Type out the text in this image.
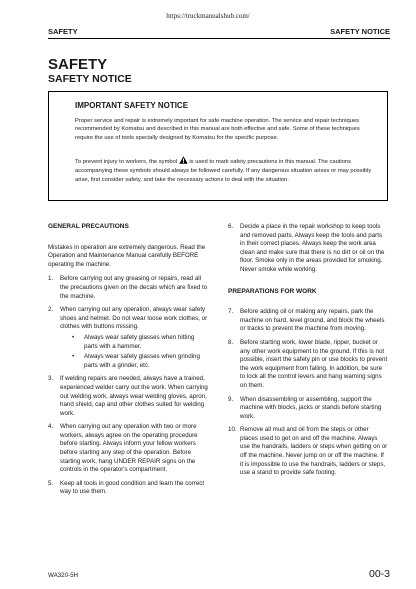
https://truckmanualshub.com/
SAFETY	SAFETY NOTICE
SAFETY
SAFETY NOTICE
IMPORTANT SAFETY NOTICE
Proper service and repair is extremely important for safe machine operation. The service and repair techniques recommended by Komatsu and described in this manual are both effective and safe. Some of these techniques require the use of tools specially designed by Komatsu for the specific purpose.
To prevent injury to workers, the symbol is used to mark safety precautions in this manual. The cautions accompanying these symbols should always be followed carefully. If any dangerous situation arises or may possibly arise, first consider safety, and take the necessary actions to deal with the situation.
GENERAL PRECAUTIONS
Mistakes in operation are extremely dangerous. Read the Operation and Maintenance Manual carefully BEFORE operating the machine.
1. Before carrying out any greasing or repairs, read all the precautions given on the decals which are fixed to the machine.
2. When carrying out any operation, always wear safety shoes and helmet. Do not wear loose work clothes, or clothes with buttons missing.
• Always wear safety glasses when hitting parts with a hammer.
• Always wear safety glasses when grinding parts with a grinder, etc.
3. If welding repairs are needed, always have a trained, experienced welder carry out the work. When carrying out welding work, always wear welding gloves, apron, hand shield, cap and other clothes suited for welding work.
4. When carrying out any operation with two or more workers, always agree on the operating procedure before starting. Always inform your fellow workers before starting any step of the operation. Before starting work, hang UNDER REPAIR signs on the controls in the operator's compartment.
5. Keep all tools in good condition and learn the correct way to use them.
6. Decide a place in the repair workshop to keep tools and removed parts. Always keep the tools and parts in their correct places. Always keep the work area clean and make sure that there is no dirt or oil on the floor. Smoke only in the areas provided for smoking. Never smoke while working.
PREPARATIONS FOR WORK
7. Before adding oil or making any repairs, park the machine on hard, level ground, and block the wheels or tracks to prevent the machine from moving.
8. Before starting work, lower blade, ripper, bucket or any other work equipment to the ground. If this is not possible, insert the safety pin or use blocks to prevent the work equipment from falling. In addition, be sure to lock all the control levers and hang warning signs on them.
9. When disassembling or assembling, support the machine with blocks, jacks or stands before starting work.
10. Remove all mud and oil from the steps or other places used to get on and off the machine. Always use the handrails, ladders or steps when getting on or off the machine. Never jump on or off the machine. If it is impossible to use the handrails, ladders or steps, use a stand to provide safe footing.
WA320-5H	00-3
